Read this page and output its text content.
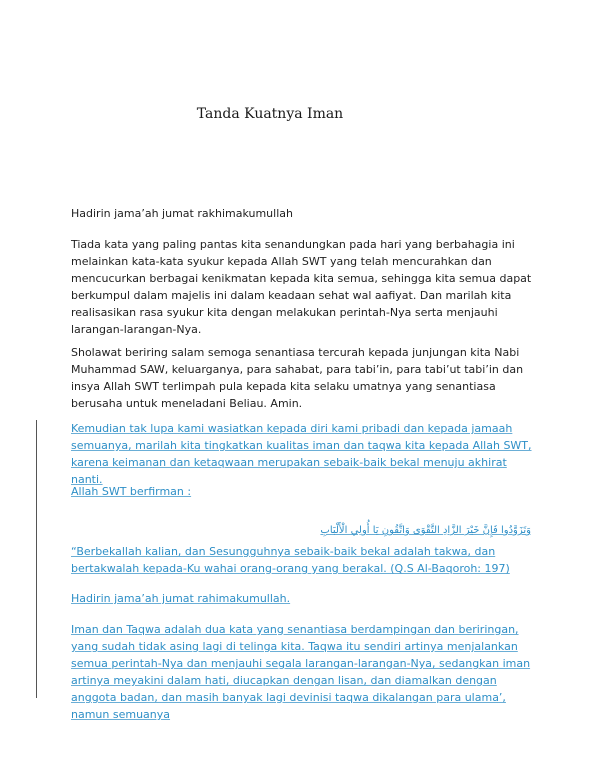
Tanda Kuatnya Iman

Hadirin jama’ah jumat rakhimakumullah

Tiada kata yang paling pantas kita senandungkan pada hari yang berbahagia ini melainkan kata-kata syukur kepada Allah SWT yang telah mencurahkan dan mencucurkan berbagai kenikmatan kepada kita semua, sehingga kita semua dapat berkumpul dalam majelis ini dalam keadaan sehat wal aafiyat. Dan marilah kita realisasikan rasa syukur kita dengan melakukan perintah-Nya serta menjauhi larangan-larangan-Nya.

Sholawat beriring salam semoga senantiasa tercurah kepada junjungan kita Nabi Muhammad SAW, keluarganya, para sahabat, para tabi’in, para tabi’ut tabi’in dan insya Allah SWT terlimpah pula kepada kita selaku umatnya yang senantiasa berusaha untuk meneladani Beliau. Amin.

Kemudian tak lupa kami wasiatkan kepada diri kami pribadi dan kepada jamaah semuanya, marilah kita tingkatkan kualitas iman dan taqwa kita kepada Allah SWT, karena keimanan dan ketaqwaan merupakan sebaik-baik bekal menuju akhirat nanti.

Allah SWT berfirman :

وَتَزَوَّدُوا فَإِنَّ خَيْرَ الزَّادِ التَّقْوَى وَاتَّقُونِ يَا أُولِي الْأَلْبَابِ

“Berbekallah kalian, dan Sesungguhnya sebaik-baik bekal adalah takwa, dan bertakwalah kepada-Ku wahai orang-orang yang berakal. (Q.S Al-Baqoroh: 197)

Hadirin jama’ah jumat rahimakumullah.

Iman dan Taqwa adalah dua kata yang senantiasa berdampingan dan beriringan, yang sudah tidak asing lagi di telinga kita. Taqwa itu sendiri artinya menjalankan semua perintah-Nya dan menjauhi segala larangan-larangan-Nya, sedangkan iman artinya meyakini dalam hati, diucapkan dengan lisan, dan diamalkan dengan anggota badan, dan masih banyak lagi devinisi taqwa dikalangan para ulama’, namun semuanya
